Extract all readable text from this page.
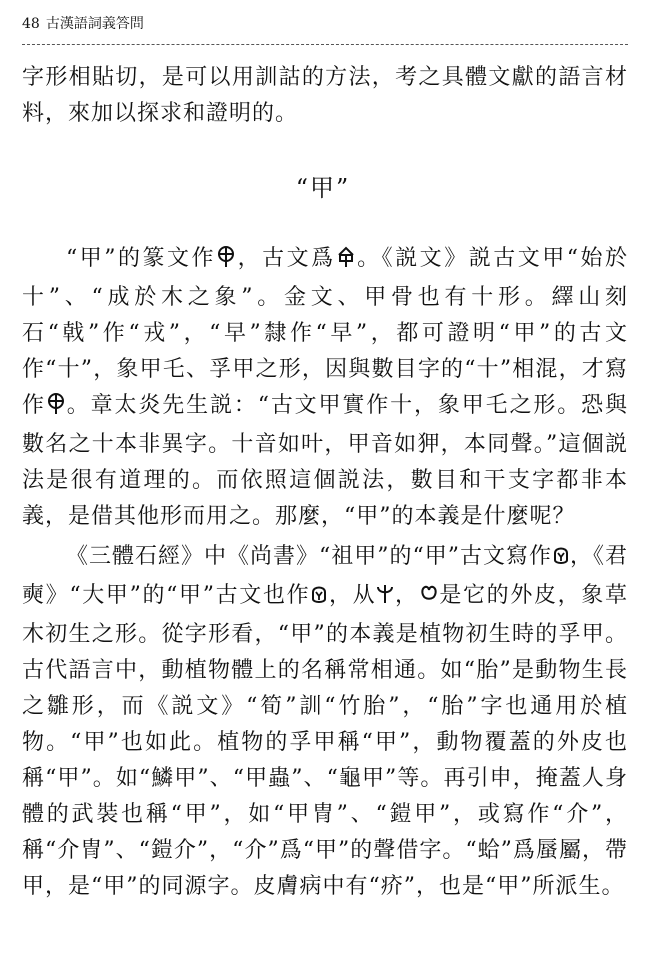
48 古漢語詞義答問
字形相貼切，是可以用訓詁的方法，考之具體文獻的語言材料，來加以探求和證明的。
“甲”
“甲”的篆文作 ，古文爲 。《説文》説古文甲“始於十”、“成於木之象”。金文、甲骨也有十形。繹山刻石“戟”作“戎”，“早”隸作“早”，都可證明“甲”的古文作“十”，象甲乇、孚甲之形，因與數目字的“十”相混，才寫作 。章太炎先生説：“古文甲實作十，象甲乇之形。恐與數名之十本非異字。十音如叶，甲音如狎，本同聲。”這個説法是很有道理的。而依照這個説法，數目和干支字都非本義，是借其他形而用之。那麼，“甲”的本義是什麼呢？
《三體石經》中《尚書》“祖甲”的“甲”古文寫作 ，《君奭》“大甲”的“甲”古文也作 ，从 ， 是它的外皮，象草木初生之形。從字形看，“甲”的本義是植物初生時的孚甲。古代語言中，動植物體上的名稱常相通。如“胎”是動物生長之雛形，而《説文》“筍”訓“竹胎”，“胎”字也通用於植物。“甲”也如此。植物的孚甲稱“甲”，動物覆蓋的外皮也稱“甲”。如“鱗甲”、“甲蟲”、“龜甲”等。再引申，掩蓋人身體的武裝也稱“甲”，如“甲冑”、“鎧甲”，或寫作“介”，稱“介冑”、“鎧介”，“介”爲“甲”的聲借字。“蛤”爲蜃屬，帶甲，是“甲”的同源字。皮膚病中有“疥”，也是“甲”所派生。
